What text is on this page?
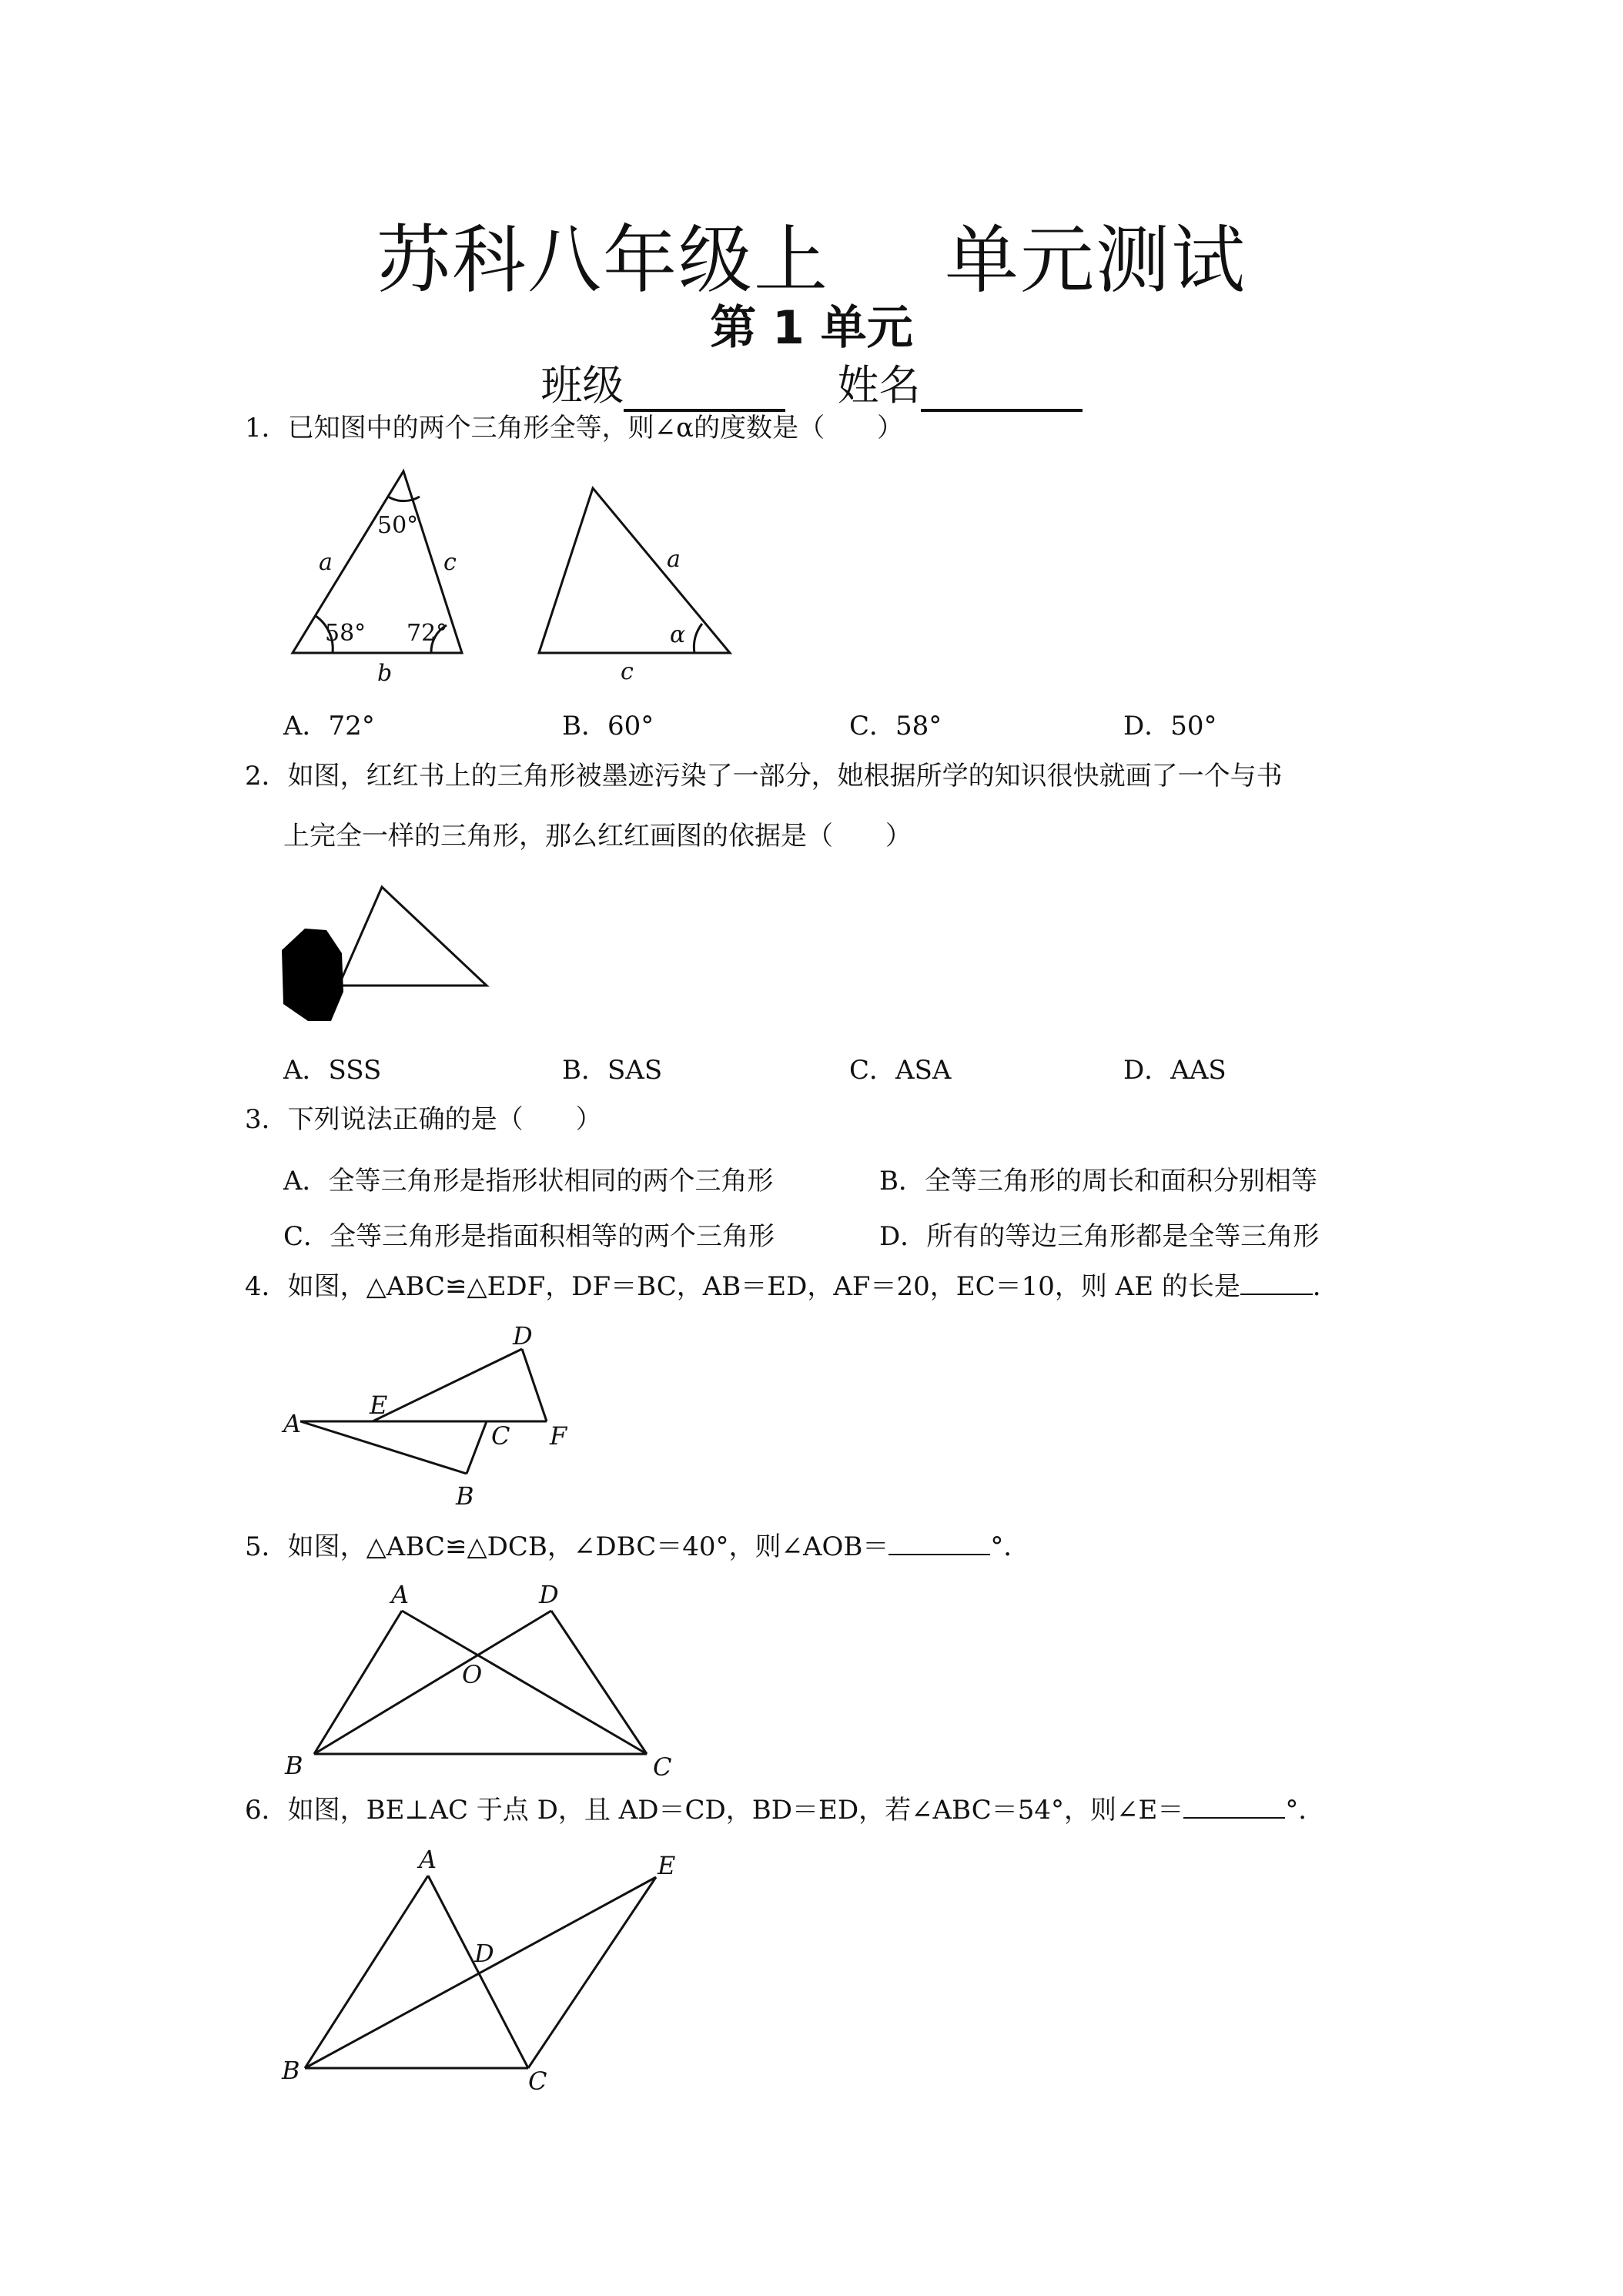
苏科八年级上 单元测试
第 1 单元
班级	姓名
1．已知图中的两个三角形全等，则∠α的度数是（　　）
50°
a	c
58° 72°
b
a
α
c
A．72°	B．60°	C．58°	D．50°
2．如图，红红书上的三角形被墨迹污染了一部分，她根据所学的知识很快就画了一个与书
上完全一样的三角形，那么红红画图的依据是（　　）
A．SSS	B．SAS	C．ASA	D．AAS
3．下列说法正确的是（　　）
A．全等三角形是指形状相同的两个三角形	B．全等三角形的周长和面积分别相等
C．全等三角形是指面积相等的两个三角形	D．所有的等边三角形都是全等三角形
4．如图，△ABC≌△EDF，DF＝BC，AB＝ED，AF＝20，EC＝10，则 AE 的长是	．
A
E
D
C F
B
5．如图，△ABC≌△DCB，∠DBC＝40°，则∠AOB＝	°．
A	D
O
B	C
6．如图，BE⊥AC 于点 D，且 AD＝CD，BD＝ED，若∠ABC＝54°，则∠E＝	°．
A	E
D
B	C
